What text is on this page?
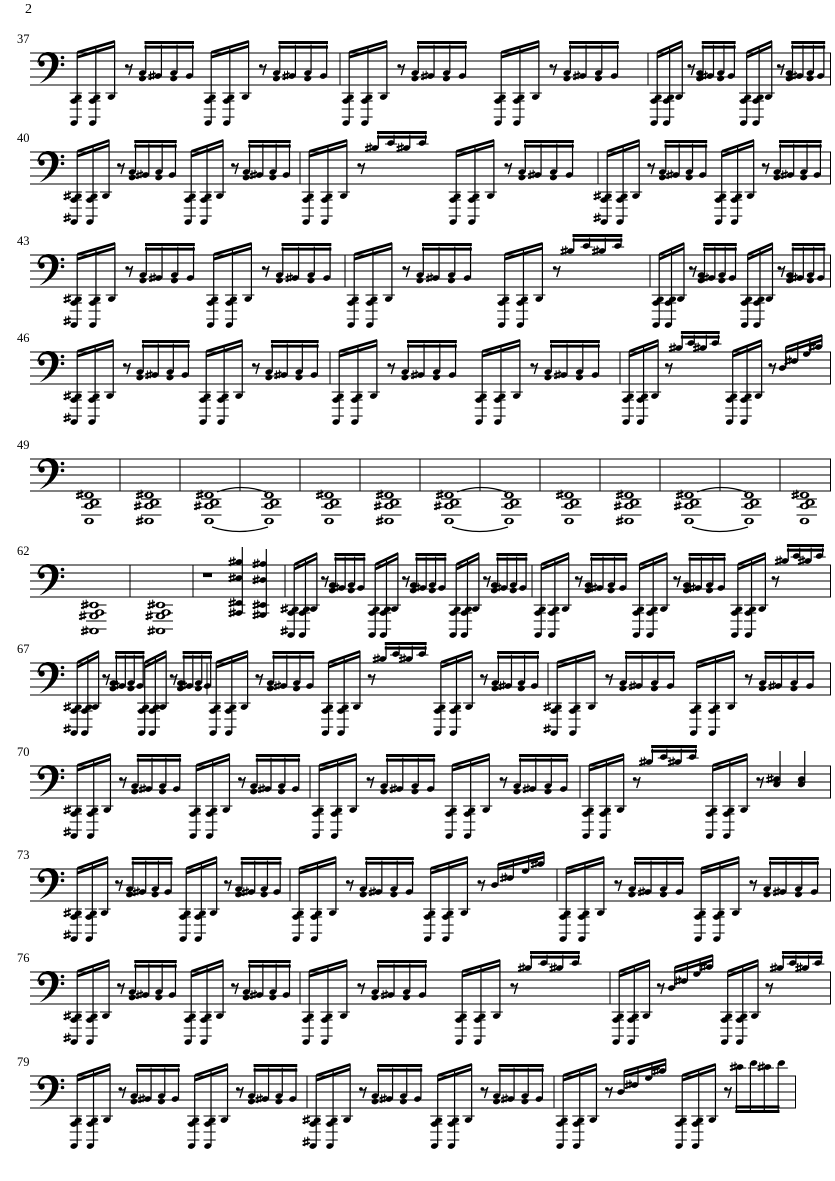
2
37
40
43
46
49
62
67
70
73
76
79
